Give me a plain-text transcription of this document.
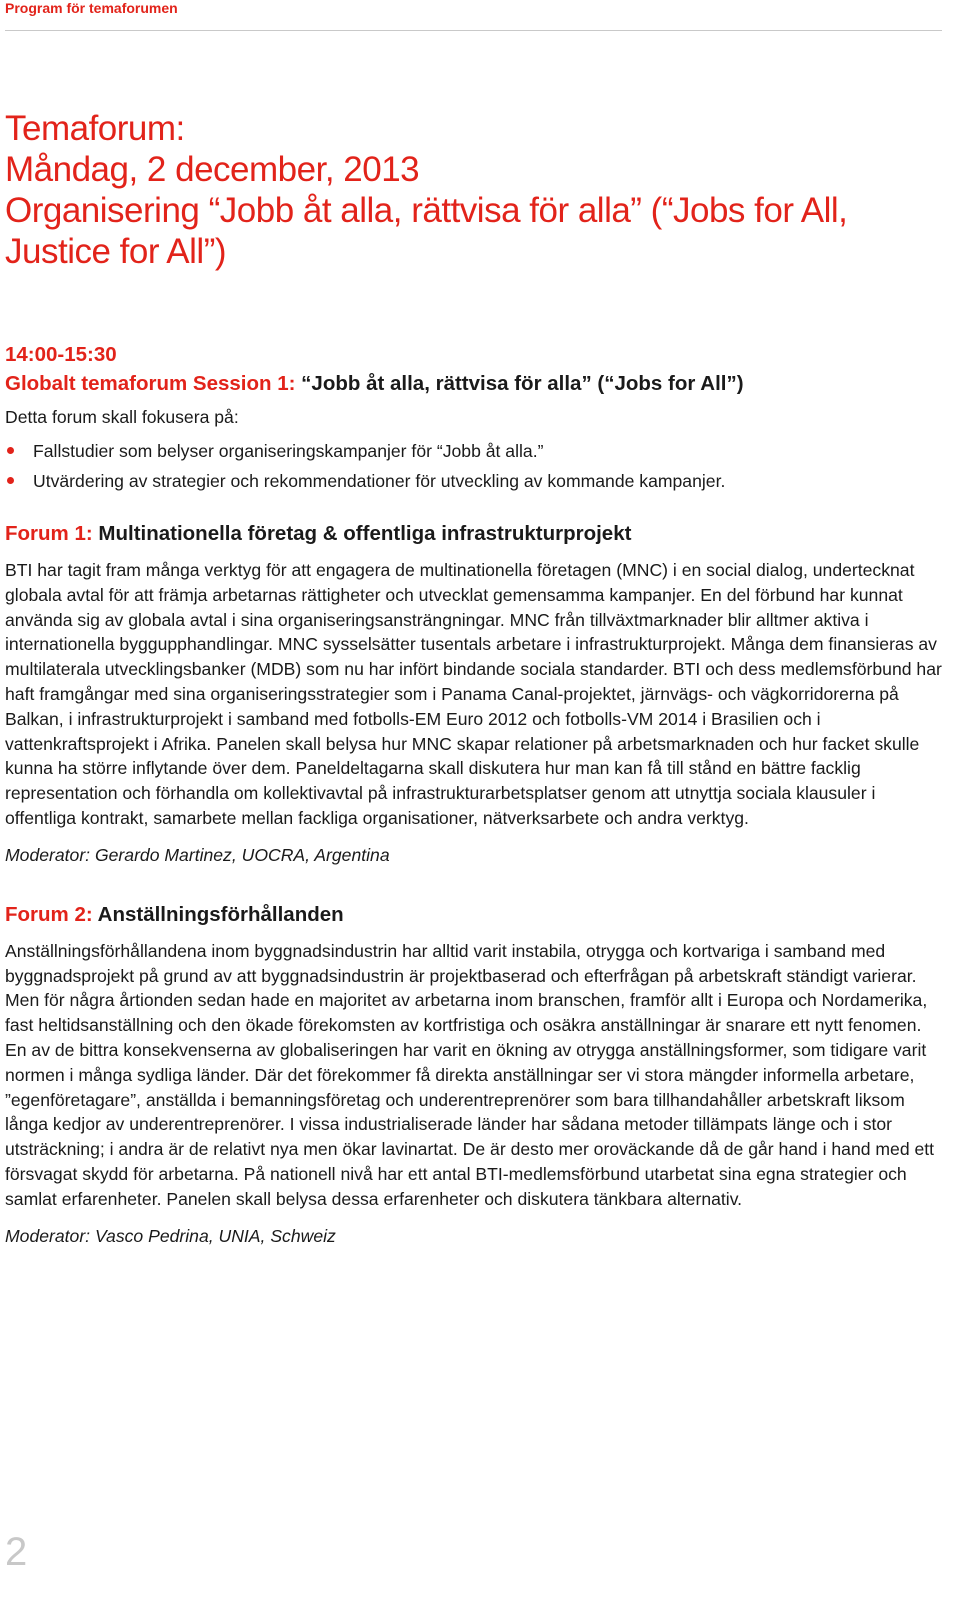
Program för temaforumen
Temaforum:
Måndag, 2 december, 2013
Organisering “Jobb åt alla, rättvisa för alla” (“Jobs for All,
Justice for All”)
14:00-15:30
Globalt temaforum Session 1: “Jobb åt alla, rättvisa för alla” (“Jobs for All”)
Detta forum skall fokusera på:
Fallstudier som belyser organiseringskampanjer för “Jobb åt alla.”
Utvärdering av strategier och rekommendationer för utveckling av kommande kampanjer.
Forum 1: Multinationella företag & offentliga infrastrukturprojekt
BTI har tagit fram många verktyg för att engagera de multinationella företagen (MNC) i en social dialog, undertecknat globala avtal för att främja arbetarnas rättigheter och utvecklat gemensamma kampanjer. En del förbund har kunnat använda sig av globala avtal i sina organiseringsansträngningar. MNC från tillväxtmarknader blir alltmer aktiva i internationella byggupphandlingar. MNC sysselsätter tusentals arbetare i infrastrukturprojekt. Många dem finansieras av multilaterala utvecklingsbanker (MDB) som nu har infört bindande sociala standarder. BTI och dess medlemsförbund har haft framgångar med sina organiseringsstrategier som i Panama Canal-projektet, järnvägs- och vägkorridorerna på Balkan, i infrastrukturprojekt i samband med fotbolls-EM Euro 2012 och fotbolls-VM 2014 i Brasilien och i vattenkraftsprojekt i Afrika. Panelen skall belysa hur MNC skapar relationer på arbetsmarknaden och hur facket skulle kunna ha större inflytande över dem. Paneldeltagarna skall diskutera hur man kan få till stånd en bättre facklig representation och förhandla om kollektivavtal på infrastrukturarbetsplatser genom att utnyttja sociala klausuler i offentliga kontrakt, samarbete mellan fackliga organisationer, nätverksarbete och andra verktyg.
Moderator: Gerardo Martinez, UOCRA, Argentina
Forum 2: Anställningsförhållanden
Anställningsförhållandena inom byggnadsindustrin har alltid varit instabila, otrygga och kortvariga i samband med byggnadsprojekt på grund av att byggnadsindustrin är projektbaserad och efterfrågan på arbetskraft ständigt varierar. Men för några årtionden sedan hade en majoritet av arbetarna inom branschen, framför allt i Europa och Nordamerika, fast heltidsanställning och den ökade förekomsten av kortfristiga och osäkra anställningar är snarare ett nytt fenomen. En av de bittra konsekvenserna av globaliseringen har varit en ökning av otrygga anställningsformer, som tidigare varit normen i många sydliga länder. Där det förekommer få direkta anställningar ser vi stora mängder informella arbetare, ”egenföretagare”, anställda i bemanningsföretag och underentreprenörer som bara tillhandahåller arbetskraft liksom långa kedjor av underentreprenörer. I vissa industrialiserade länder har sådana metoder tillämpats länge och i stor utsträckning; i andra är de relativt nya men ökar lavinartat. De är desto mer oroväckande då de går hand i hand med ett försvagat skydd för arbetarna. På nationell nivå har ett antal BTI-medlemsförbund utarbetat sina egna strategier och samlat erfarenheter. Panelen skall belysa dessa erfarenheter och diskutera tänkbara alternativ.
Moderator: Vasco Pedrina, UNIA, Schweiz
2
